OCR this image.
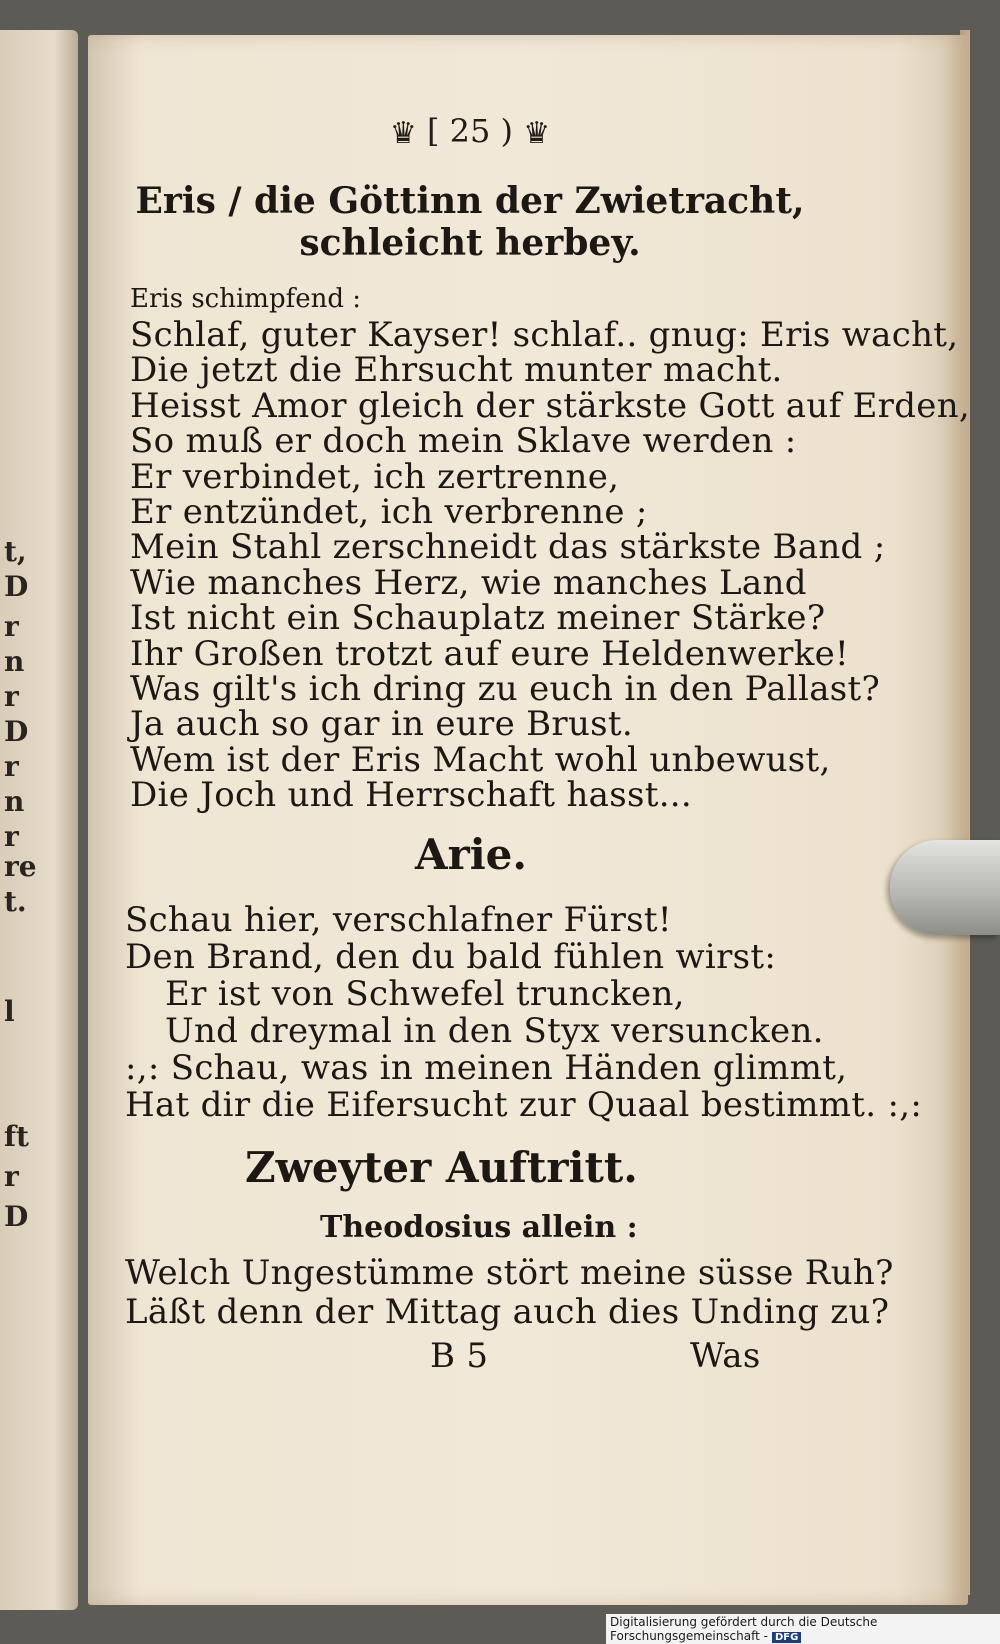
t,
D
r
n
r
D
r
n
r
re
t.
l
ft
r
D
♛ [ 25 ) ♛
Eris / die Göttinn der Zwietracht,
schleicht herbey.
Eris schimpfend :
Schlaf, guter Kayser! schlaf.. gnug: Eris wacht,
Die jetzt die Ehrsucht munter macht.
Heisst Amor gleich der stärkste Gott auf Erden,
So muß er doch mein Sklave werden :
Er verbindet, ich zertrenne,
Er entzündet, ich verbrenne ;
Mein Stahl zerschneidt das stärkste Band ;
Wie manches Herz, wie manches Land
Ist nicht ein Schauplatz meiner Stärke?
Ihr Großen trotzt auf eure Heldenwerke!
Was gilt's ich dring zu euch in den Pallast?
Ja auch so gar in eure Brust.
Wem ist der Eris Macht wohl unbewust,
Die Joch und Herrschaft hasst...
Arie.
Schau hier, verschlafner Fürst!
Den Brand, den du bald fühlen wirst:
Er ist von Schwefel truncken,
Und dreymal in den Styx versuncken.
:,: Schau, was in meinen Händen glimmt,
Hat dir die Eifersucht zur Quaal bestimmt. :,:
Zweyter Auftritt.
Theodosius allein :
Welch Ungestümme stört meine süsse Ruh?
Läßt denn der Mittag auch dies Unding zu?
B 5	Was
Digitalisierung gefördert durch die Deutsche Forschungsgemeinschaft - DFG
